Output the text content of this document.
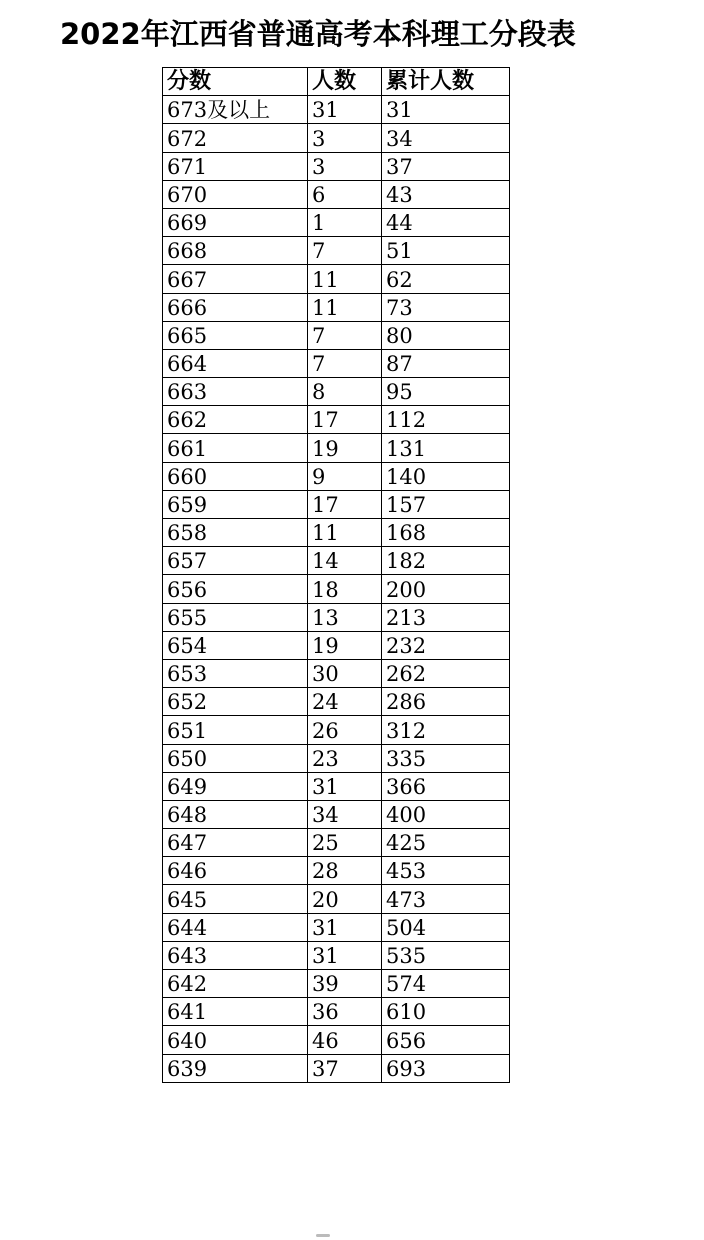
2022年江西省普通高考本科理工分段表
分数	人数	累计人数
673及以上	31	31
672	3	34
671	3	37
670	6	43
669	1	44
668	7	51
667	11	62
666	11	73
665	7	80
664	7	87
663	8	95
662	17	112
661	19	131
660	9	140
659	17	157
658	11	168
657	14	182
656	18	200
655	13	213
654	19	232
653	30	262
652	24	286
651	26	312
650	23	335
649	31	366
648	34	400
647	25	425
646	28	453
645	20	473
644	31	504
643	31	535
642	39	574
641	36	610
640	46	656
639	37	693
